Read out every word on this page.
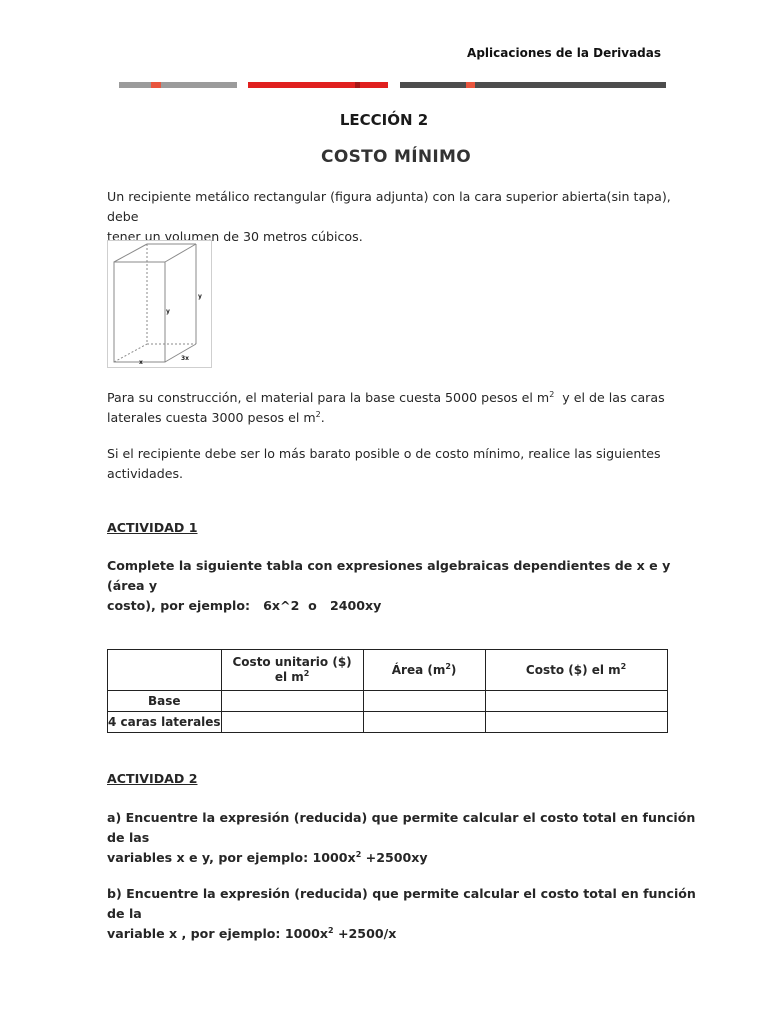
Aplicaciones de la Derivadas
LECCIÓN 2
COSTO MÍNIMO
Un recipiente metálico rectangular (figura adjunta) con la cara superior abierta(sin tapa), debe
tener un volumen de 30 metros cúbicos.
y
y
x
3x
Para su construcción, el material para la base cuesta 5000 pesos el $m^2$  y el de las caras
laterales cuesta 3000 pesos el $m^2$.
Si el recipiente debe ser lo más barato posible o de costo mínimo, realice las siguientes
actividades.
ACTIVIDAD 1
Complete la siguiente tabla con expresiones algebraicas dependientes de x e y (área y
costo), por ejemplo:   6x^2  o   2400xy

	Costo unitario ($)
el $m^2$	Área $(m^2)$	Costo ($) el $m^2$
Base			
4 caras laterales			
ACTIVIDAD 2
a) Encuentre la expresión (reducida) que permite calcular el costo total en función de las
variables x e y, por ejemplo: $1000x^2 +2500xy$
b) Encuentre la expresión (reducida) que permite calcular el costo total en función de la
variable x , por ejemplo: $1000x^2 +2500/x$
